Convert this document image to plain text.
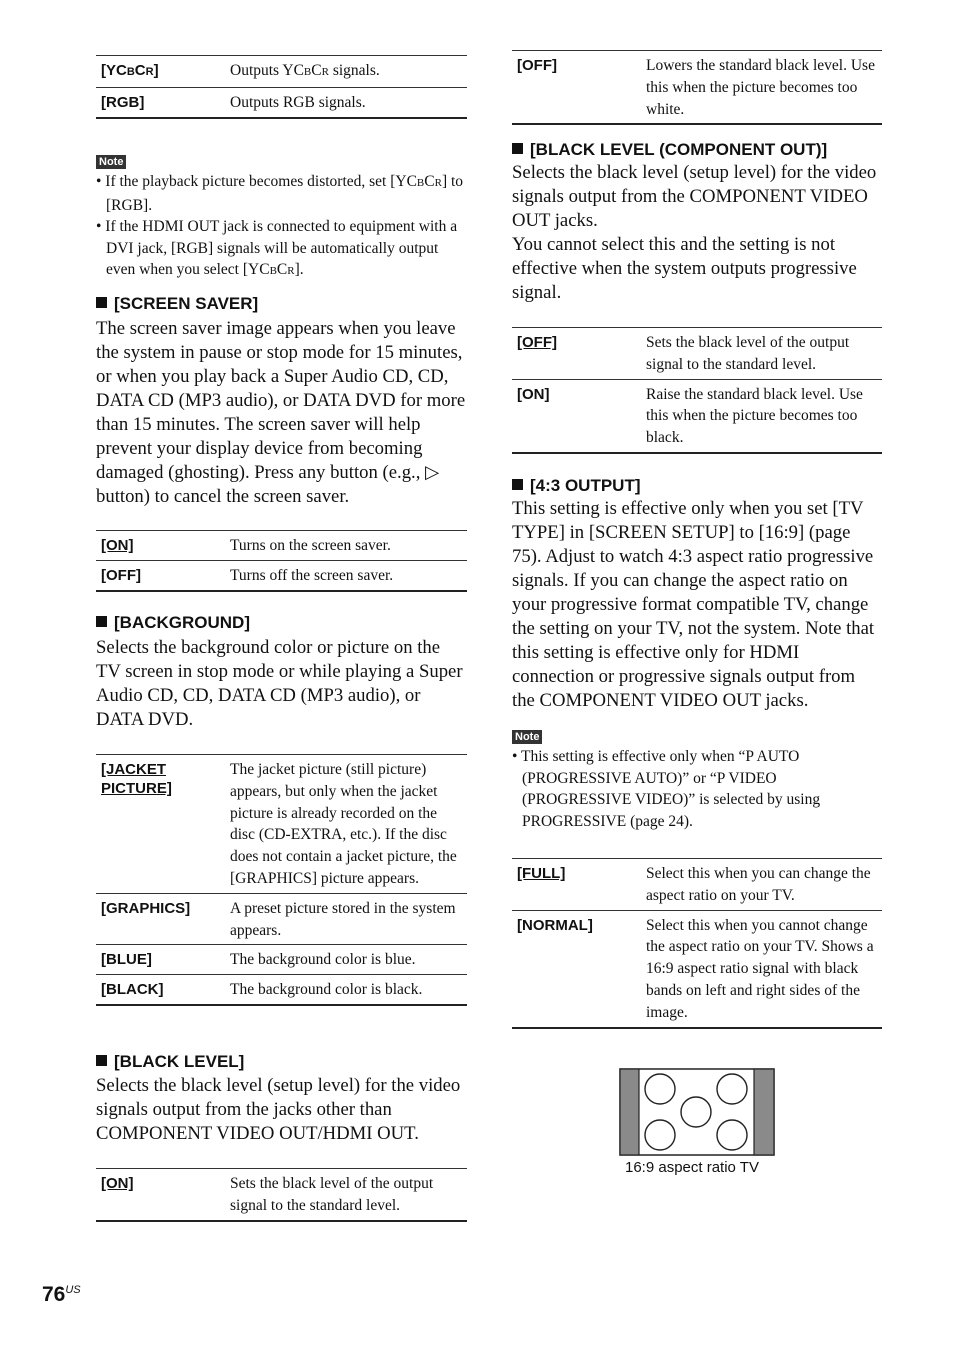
[YCBCR]	Outputs YCBCR signals.
[RGB]	Outputs RGB signals.
Note
• If the playback picture becomes distorted, set [YCBCR] to [RGB].
• If the HDMI OUT jack is connected to equipment with a DVI jack, [RGB] signals will be automatically output even when you select [YCBCR].
[SCREEN SAVER]
The screen saver image appears when you leave the system in pause or stop mode for 15 minutes, or when you play back a Super Audio CD, CD, DATA CD (MP3 audio), or DATA DVD for more than 15 minutes. The screen saver will help prevent your display device from becoming damaged (ghosting). Press any button (e.g., ▷ button) to cancel the screen saver.
[ON]	Turns on the screen saver.
[OFF]	Turns off the screen saver.
[BACKGROUND]
Selects the background color or picture on the TV screen in stop mode or while playing a Super Audio CD, CD, DATA CD (MP3 audio), or DATA DVD.
[JACKET PICTURE]	The jacket picture (still picture) appears, but only when the jacket picture is already recorded on the disc (CD-EXTRA, etc.). If the disc does not contain a jacket picture, the [GRAPHICS] picture appears.
[GRAPHICS]	A preset picture stored in the system appears.
[BLUE]	The background color is blue.
[BLACK]	The background color is black.
[BLACK LEVEL]
Selects the black level (setup level) for the video signals output from the jacks other than COMPONENT VIDEO OUT/HDMI OUT.
[ON]	Sets the black level of the output signal to the standard level.
[OFF]	Lowers the standard black level. Use this when the picture becomes too white.
[BLACK LEVEL (COMPONENT OUT)]
Selects the black level (setup level) for the video signals output from the COMPONENT VIDEO OUT jacks.
You cannot select this and the setting is not effective when the system outputs progressive signal.
[OFF]	Sets the black level of the output signal to the standard level.
[ON]	Raise the standard black level. Use this when the picture becomes too black.
[4:3 OUTPUT]
This setting is effective only when you set [TV TYPE] in [SCREEN SETUP] to [16:9] (page 75). Adjust to watch 4:3 aspect ratio progressive signals. If you can change the aspect ratio on your progressive format compatible TV, change the setting on your TV, not the system. Note that this setting is effective only for HDMI connection or progressive signals output from the COMPONENT VIDEO OUT jacks.
Note
• This setting is effective only when “P AUTO (PROGRESSIVE AUTO)” or “P VIDEO (PROGRESSIVE VIDEO)” is selected by using PROGRESSIVE (page 24).
[FULL]	Select this when you can change the aspect ratio on your TV.
[NORMAL]	Select this when you cannot change the aspect ratio on your TV. Shows a 16:9 aspect ratio signal with black bands on left and right sides of the image.
16:9 aspect ratio TV
$76^{US}$
